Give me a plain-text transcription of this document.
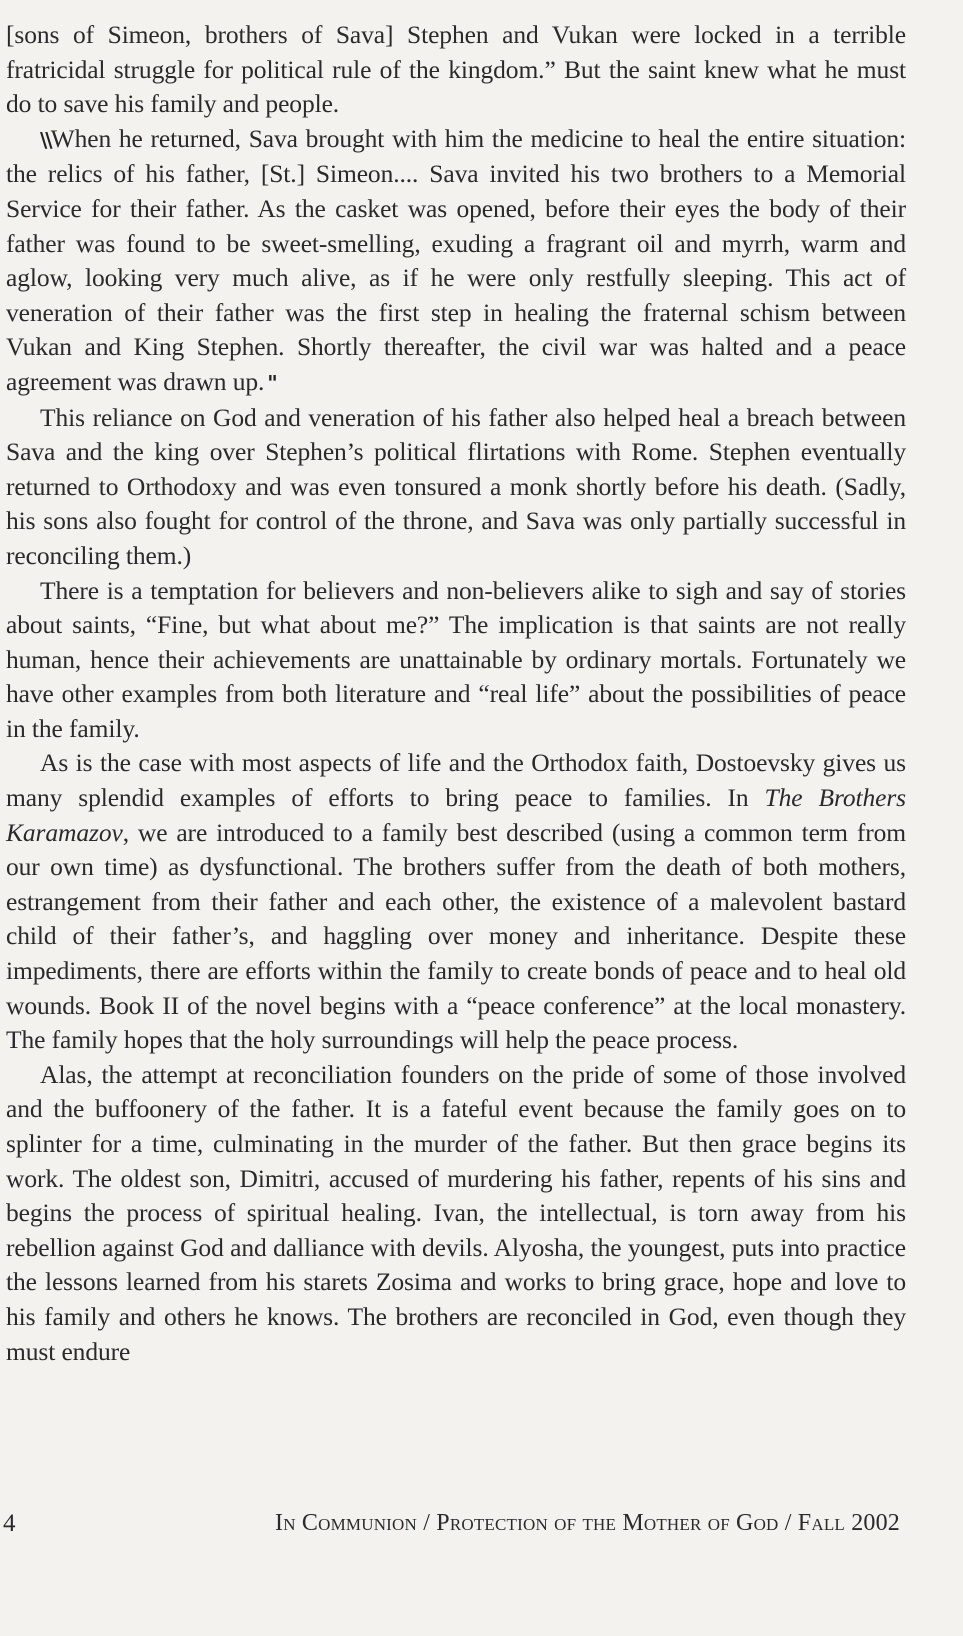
[sons of Simeon, brothers of Sava] Stephen and Vukan were locked in a terrible fratricidal struggle for political rule of the kingdom.” But the saint knew what he must do to save his family and people.

\\When he returned, Sava brought with him the medicine to heal the entire situation: the relics of his father, [St.] Simeon.... Sava invited his two brothers to a Memorial Service for their father. As the casket was opened, before their eyes the body of their father was found to be sweet-smelling, exuding a fragrant oil and myrrh, warm and aglow, looking very much alive, as if he were only restfully sleeping. This act of veneration of their father was the first step in healing the fraternal schism between Vukan and King Stephen. Shortly thereafter, the civil war was halted and a peace agreement was drawn up. "

This reliance on God and veneration of his father also helped heal a breach between Sava and the king over Stephen’s political flirtations with Rome. Stephen eventually returned to Orthodoxy and was even tonsured a monk shortly before his death. (Sadly, his sons also fought for control of the throne, and Sava was only partially successful in reconciling them.)

There is a temptation for believers and non-believers alike to sigh and say of stories about saints, “Fine, but what about me?” The implication is that saints are not really human, hence their achievements are unattainable by ordinary mortals. Fortunately we have other examples from both literature and “real life” about the possibilities of peace in the family.

As is the case with most aspects of life and the Orthodox faith, Dostoevsky gives us many splendid examples of efforts to bring peace to families. In The Brothers Karamazov, we are introduced to a family best described (using a common term from our own time) as dysfunctional. The brothers suffer from the death of both mothers, estrangement from their father and each other, the existence of a malevolent bastard child of their father’s, and haggling over money and inheritance. Despite these impediments, there are efforts within the family to create bonds of peace and to heal old wounds. Book II of the novel begins with a “peace conference” at the local monastery. The family hopes that the holy surroundings will help the peace process.

Alas, the attempt at reconciliation founders on the pride of some of those involved and the buffoonery of the father. It is a fateful event because the family goes on to splinter for a time, culminating in the murder of the father. But then grace begins its work. The oldest son, Dimitri, accused of murdering his father, repents of his sins and begins the process of spiritual healing. Ivan, the intellectual, is torn away from his rebellion against God and dalliance with devils. Alyosha, the youngest, puts into practice the lessons learned from his starets Zosima and works to bring grace, hope and love to his family and others he knows. The brothers are reconciled in God, even though they must endure

4	In Communion / Protection of the Mother of God / Fall 2002
